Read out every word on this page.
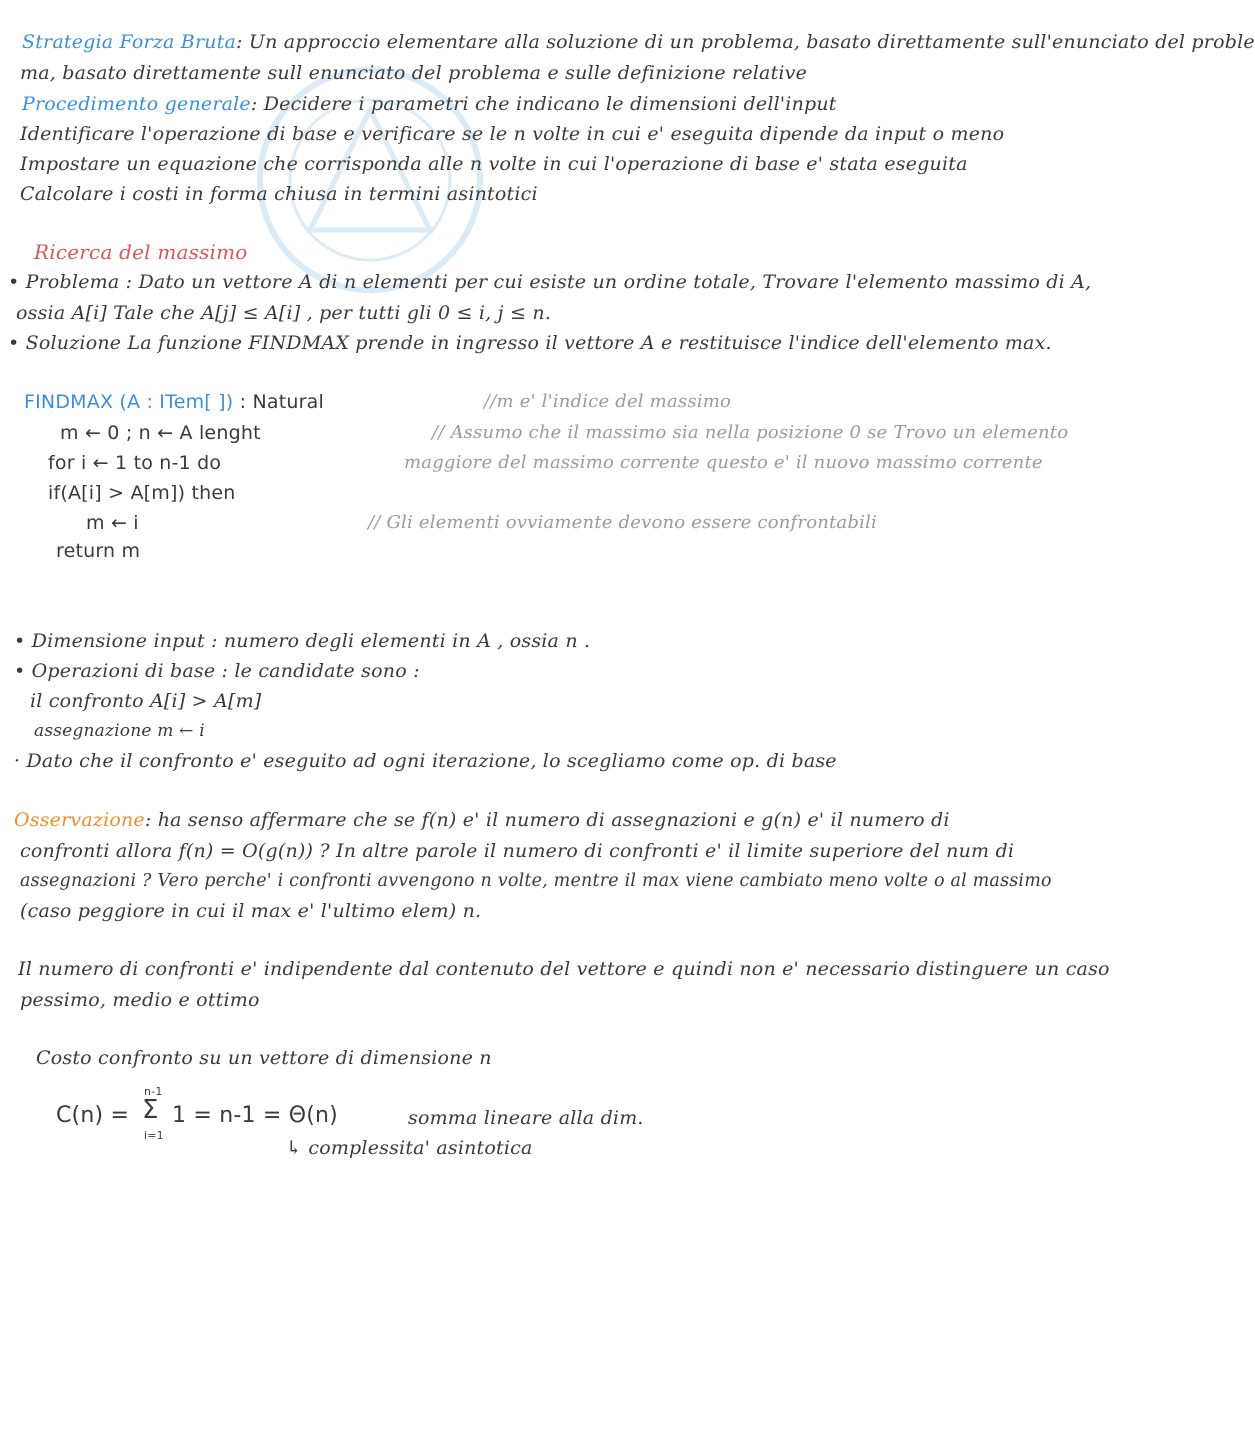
Strategia Forza Bruta: Un approccio elementare alla soluzione di un problema, basato direttamente sull'enunciato del proble
ma, basato direttamente sull enunciato del problema e sulle definizione relative
Procedimento generale: Decidere i parametri che indicano le dimensioni dell'input
Identificare l'operazione di base e verificare se le n volte in cui e' eseguita dipende da input o meno
Impostare un equazione che corrisponda alle n volte in cui l'operazione di base e' stata eseguita
Calcolare i costi in forma chiusa in termini asintotici
Ricerca del massimo
• Problema : Dato un vettore A di n elementi per cui esiste un ordine totale, Trovare l'elemento massimo di A,
ossia A[i] Tale che A[j] ≤ A[i] , per tutti gli 0 ≤ i, j ≤ n.
• Soluzione La funzione FINDMAX prende in ingresso il vettore A e restituisce l'indice dell'elemento max.
FINDMAX (A : ITem[ ]) : Natural
m ← 0 ; n ← A lenght
for i ← 1 to n-1 do
if(A[i] > A[m]) then
m ← i
return m
//m e' l'indice del massimo
// Assumo che il massimo sia nella posizione 0 se Trovo un elemento
maggiore del massimo corrente questo e' il nuovo massimo corrente
// Gli elementi ovviamente devono essere confrontabili
• Dimensione input : numero degli elementi in A , ossia n .
• Operazioni di base : le candidate sono :
il confronto A[i] > A[m]
assegnazione m ← i
· Dato che il confronto e' eseguito ad ogni iterazione, lo scegliamo come op. di base
Osservazione: ha senso affermare che se f(n) e' il numero di assegnazioni e g(n) e' il numero di
confronti allora f(n) = O(g(n)) ? In altre parole il numero di confronti e' il limite superiore del num di
assegnazioni ? Vero perche' i confronti avvengono n volte, mentre il max viene cambiato meno volte o al massimo
(caso peggiore in cui il max e' l'ultimo elem) n.
Il numero di confronti e' indipendente dal contenuto del vettore e quindi non e' necessario distinguere un caso
pessimo, medio e ottimo
Costo confronto su un vettore di dimensione n
C(n) =
n-1
Σ
i=1
1 = n-1 = Θ(n)	somma lineare alla dim.
↳ complessita' asintotica
